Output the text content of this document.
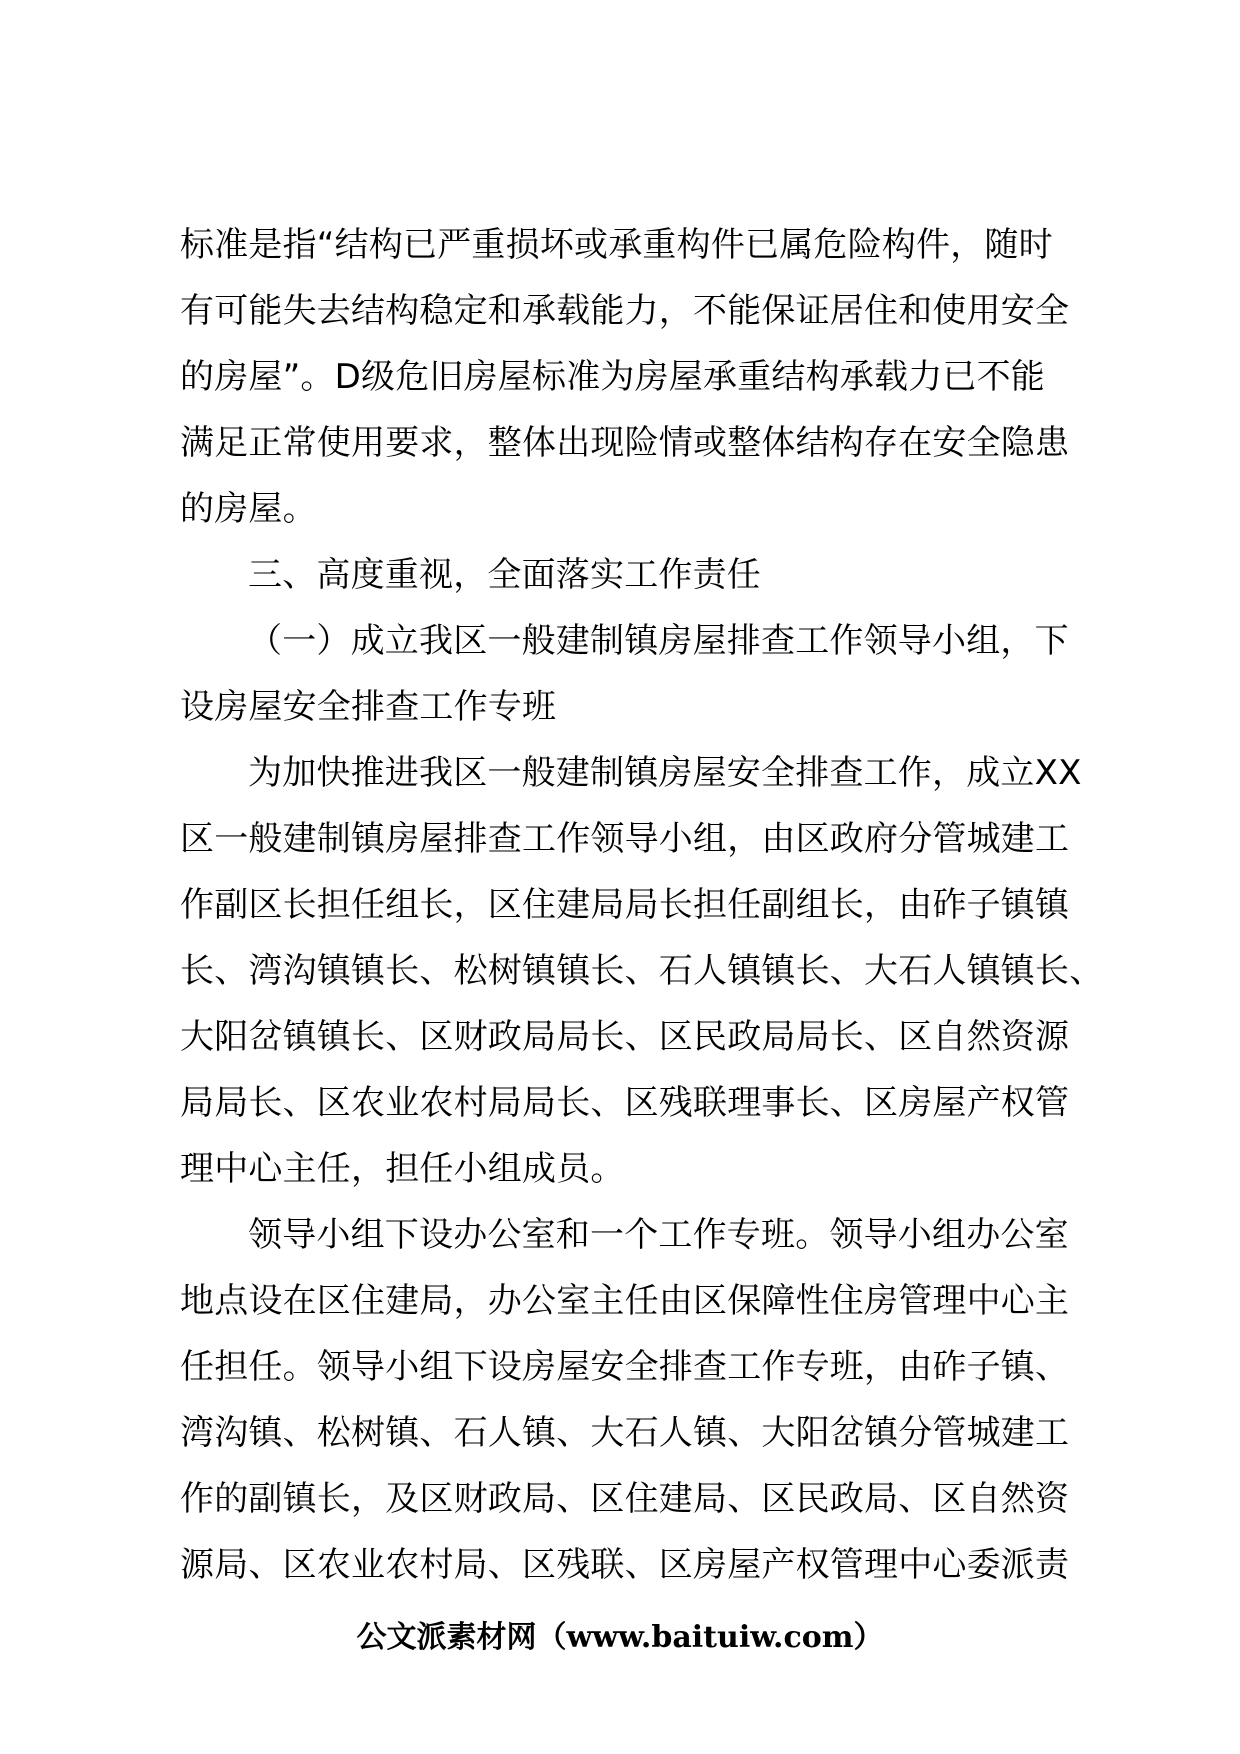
标准是指“结构已严重损坏或承重构件已属危险构件，随时
有可能失去结构稳定和承载能力，不能保证居住和使用安全
的房屋”。D级危旧房屋标准为房屋承重结构承载力已不能
满足正常使用要求，整体出现险情或整体结构存在安全隐患
的房屋。
三、高度重视，全面落实工作责任
（一）成立我区一般建制镇房屋排查工作领导小组，下
设房屋安全排查工作专班
为加快推进我区一般建制镇房屋安全排查工作，成立XX
区一般建制镇房屋排查工作领导小组，由区政府分管城建工
作副区长担任组长，区住建局局长担任副组长，由砟子镇镇
长、湾沟镇镇长、松树镇镇长、石人镇镇长、大石人镇镇长、
大阳岔镇镇长、区财政局局长、区民政局局长、区自然资源
局局长、区农业农村局局长、区残联理事长、区房屋产权管
理中心主任，担任小组成员。
领导小组下设办公室和一个工作专班。领导小组办公室
地点设在区住建局，办公室主任由区保障性住房管理中心主
任担任。领导小组下设房屋安全排查工作专班，由砟子镇、
湾沟镇、松树镇、石人镇、大石人镇、大阳岔镇分管城建工
作的副镇长，及区财政局、区住建局、区民政局、区自然资
源局、区农业农村局、区残联、区房屋产权管理中心委派责
公文派素材网（www.baituiw.com）
